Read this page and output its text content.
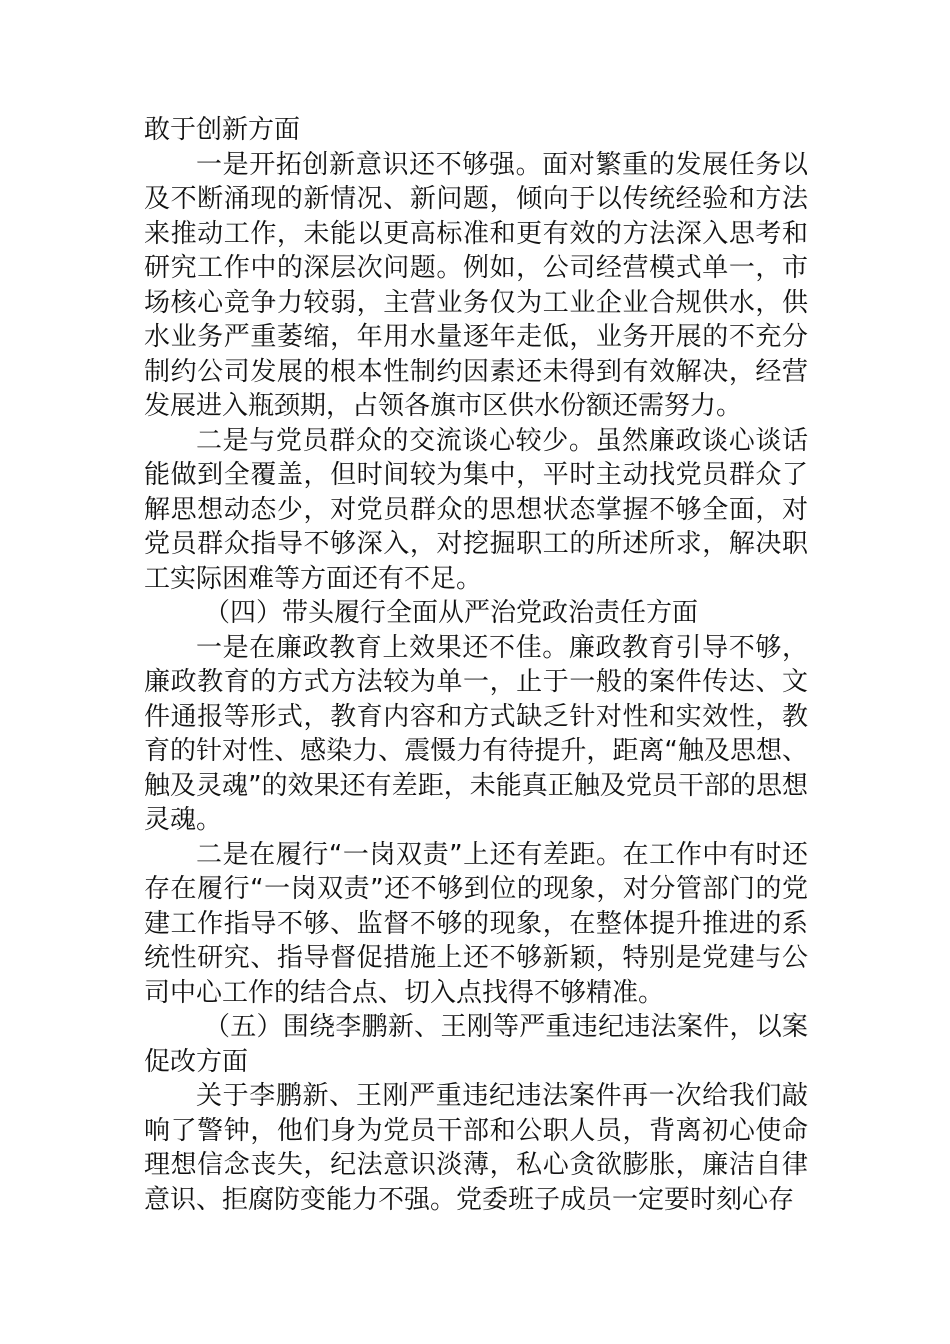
敢于创新方面

一是开拓创新意识还不够强。面对繁重的发展任务以及不断涌现的新情况、新问题，倾向于以传统经验和方法来推动工作，未能以更高标准和更有效的方法深入思考和研究工作中的深层次问题。例如，公司经营模式单一，市场核心竞争力较弱，主营业务仅为工业企业合规供水，供水业务严重萎缩，年用水量逐年走低，业务开展的不充分制约公司发展的根本性制约因素还未得到有效解决，经营发展进入瓶颈期，占领各旗市区供水份额还需努力。

二是与党员群众的交流谈心较少。虽然廉政谈心谈话能做到全覆盖，但时间较为集中，平时主动找党员群众了解思想动态少，对党员群众的思想状态掌握不够全面，对党员群众指导不够深入，对挖掘职工的所述所求，解决职工实际困难等方面还有不足。

（四）带头履行全面从严治党政治责任方面

一是在廉政教育上效果还不佳。廉政教育引导不够，廉政教育的方式方法较为单一，止于一般的案件传达、文件通报等形式，教育内容和方式缺乏针对性和实效性，教育的针对性、感染力、震慑力有待提升，距离“触及思想、触及灵魂”的效果还有差距，未能真正触及党员干部的思想灵魂。

二是在履行“一岗双责”上还有差距。在工作中有时还存在履行“一岗双责”还不够到位的现象，对分管部门的党建工作指导不够、监督不够的现象，在整体提升推进的系统性研究、指导督促措施上还不够新颖，特别是党建与公司中心工作的结合点、切入点找得不够精准。

（五）围绕李鹏新、王刚等严重违纪违法案件，以案促改方面

关于李鹏新、王刚严重违纪违法案件再一次给我们敲响了警钟，他们身为党员干部和公职人员，背离初心使命理想信念丧失，纪法意识淡薄，私心贪欲膨胀，廉洁自律意识、拒腐防变能力不强。党委班子成员一定要时刻心存
